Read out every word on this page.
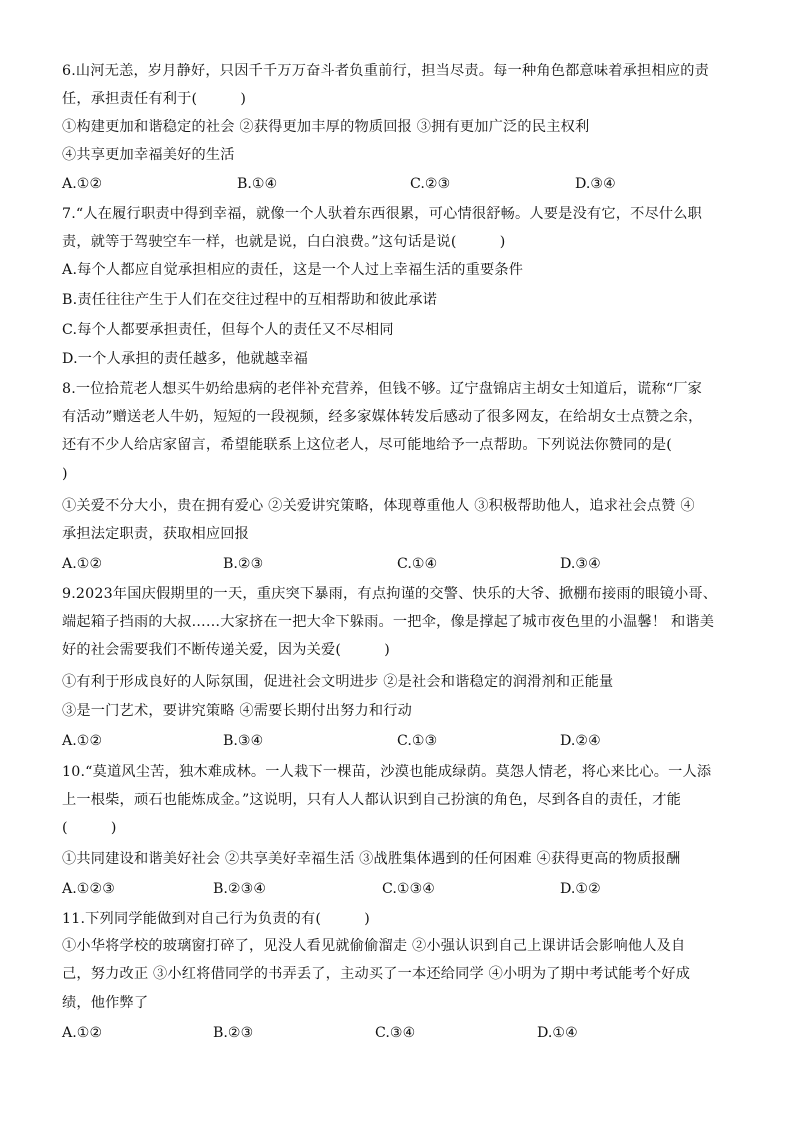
6.山河无恙，岁月静好，只因千千万万奋斗者负重前行，担当尽责。每一种角色都意味着承担相应的责
任，承担责任有利于(　　　)
①构建更加和谐稳定的社会 ②获得更加丰厚的物质回报 ③拥有更加广泛的民主权利
④共享更加幸福美好的生活
A.①②	B.①④	C.②③	D.③④
7.“人在履行职责中得到幸福，就像一个人驮着东西很累，可心情很舒畅。人要是没有它，不尽什么职
责，就等于驾驶空车一样，也就是说，白白浪费。”这句话是说(　　　)
A.每个人都应自觉承担相应的责任，这是一个人过上幸福生活的重要条件
B.责任往往产生于人们在交往过程中的互相帮助和彼此承诺
C.每个人都要承担责任，但每个人的责任又不尽相同
D.一个人承担的责任越多，他就越幸福
8.一位拾荒老人想买牛奶给患病的老伴补充营养，但钱不够。辽宁盘锦店主胡女士知道后，谎称“厂家
有活动”赠送老人牛奶，短短的一段视频，经多家媒体转发后感动了很多网友，在给胡女士点赞之余，
还有不少人给店家留言，希望能联系上这位老人，尽可能地给予一点帮助。下列说法你赞同的是(
)
①关爱不分大小，贵在拥有爱心 ②关爱讲究策略，体现尊重他人 ③积极帮助他人，追求社会点赞 ④
承担法定职责，获取相应回报
A.①②	B.②③	C.①④	D.③④
9.2023年国庆假期里的一天，重庆突下暴雨，有点拘谨的交警、快乐的大爷、掀棚布接雨的眼镜小哥、
端起箱子挡雨的大叔……大家挤在一把大伞下躲雨。一把伞，像是撑起了城市夜色里的小温馨！ 和谐美
好的社会需要我们不断传递关爱，因为关爱(　　　)
①有利于形成良好的人际氛围，促进社会文明进步 ②是社会和谐稳定的润滑剂和正能量
③是一门艺术，要讲究策略 ④需要长期付出努力和行动
A.①②	B.③④	C.①③	D.②④
10.“莫道风尘苦，独木难成林。一人栽下一棵苗，沙漠也能成绿荫。莫怨人情老，将心来比心。一人添
上一根柴，顽石也能炼成金。”这说明，只有人人都认识到自己扮演的角色，尽到各自的责任，才能
(　　　)
①共同建设和谐美好社会 ②共享美好幸福生活 ③战胜集体遇到的任何困难 ④获得更高的物质报酬
A.①②③	B.②③④	C.①③④	D.①②
11.下列同学能做到对自己行为负责的有(　　　)
①小华将学校的玻璃窗打碎了，见没人看见就偷偷溜走 ②小强认识到自己上课讲话会影响他人及自
己，努力改正 ③小红将借同学的书弄丢了，主动买了一本还给同学 ④小明为了期中考试能考个好成
绩，他作弊了
A.①②	B.②③	C.③④	D.①④
